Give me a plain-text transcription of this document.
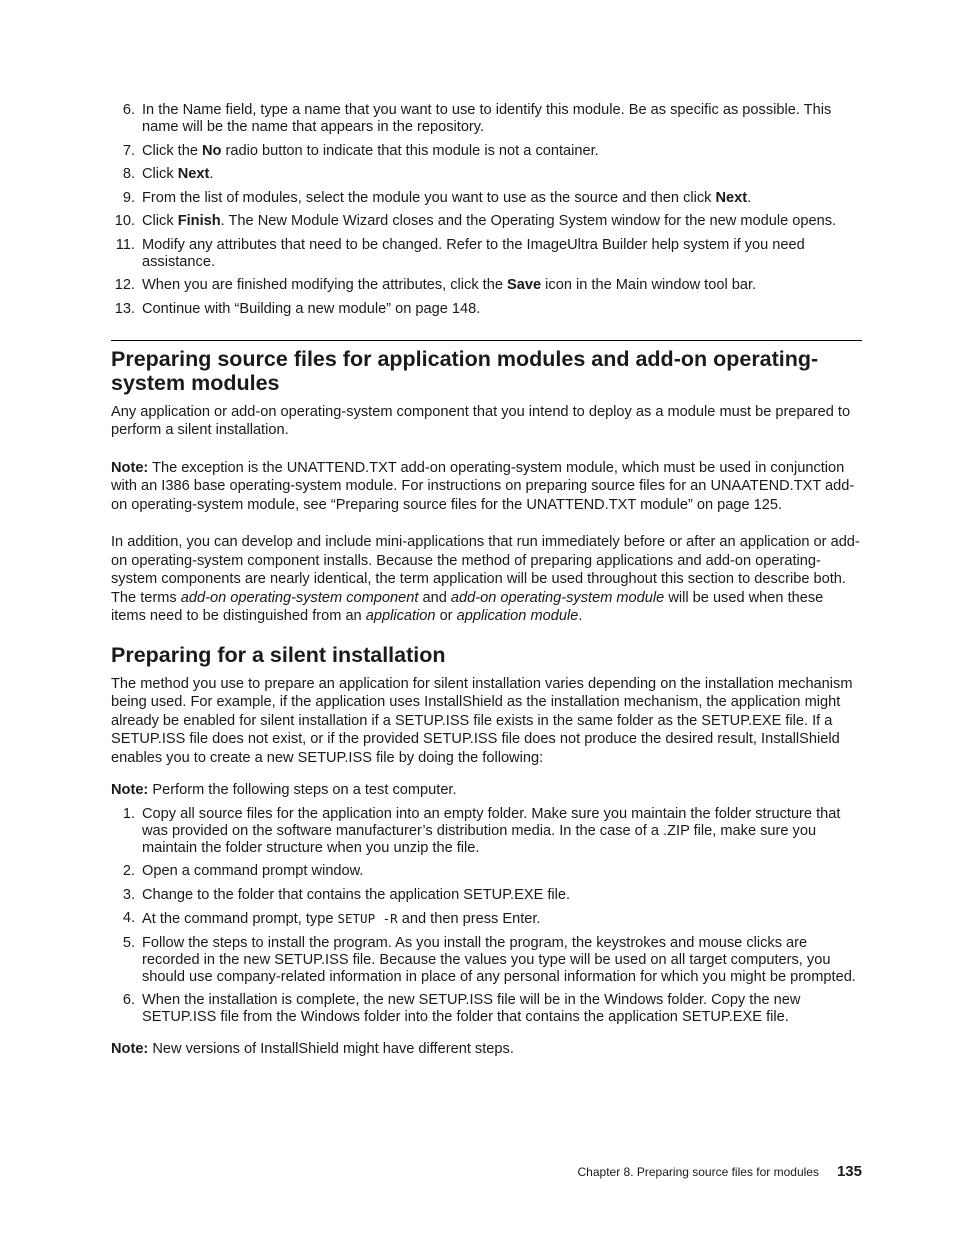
6. In the Name field, type a name that you want to use to identify this module. Be as specific as possible. This name will be the name that appears in the repository.
7. Click the No radio button to indicate that this module is not a container.
8. Click Next.
9. From the list of modules, select the module you want to use as the source and then click Next.
10. Click Finish. The New Module Wizard closes and the Operating System window for the new module opens.
11. Modify any attributes that need to be changed. Refer to the ImageUltra Builder help system if you need assistance.
12. When you are finished modifying the attributes, click the Save icon in the Main window tool bar.
13. Continue with “Building a new module” on page 148.
Preparing source files for application modules and add-on operating-system modules

Any application or add-on operating-system component that you intend to deploy as a module must be prepared to perform a silent installation.

Note: The exception is the UNATTEND.TXT add-on operating-system module, which must be used in conjunction with an I386 base operating-system module. For instructions on preparing source files for an UNAATEND.TXT add-on operating-system module, see “Preparing source files for the UNATTEND.TXT module” on page 125.

In addition, you can develop and include mini-applications that run immediately before or after an application or add-on operating-system component installs. Because the method of preparing applications and add-on operating-system components are nearly identical, the term application will be used throughout this section to describe both. The terms add-on operating-system component and add-on operating-system module will be used when these items need to be distinguished from an application or application module.

Preparing for a silent installation

The method you use to prepare an application for silent installation varies depending on the installation mechanism being used. For example, if the application uses InstallShield as the installation mechanism, the application might already be enabled for silent installation if a SETUP.ISS file exists in the same folder as the SETUP.EXE file. If a SETUP.ISS file does not exist, or if the provided SETUP.ISS file does not produce the desired result, InstallShield enables you to create a new SETUP.ISS file by doing the following:

Note: Perform the following steps on a test computer.

1. Copy all source files for the application into an empty folder. Make sure you maintain the folder structure that was provided on the software manufacturer’s distribution media. In the case of a .ZIP file, make sure you maintain the folder structure when you unzip the file.
2. Open a command prompt window.
3. Change to the folder that contains the application SETUP.EXE file.
4. At the command prompt, type SETUP -R and then press Enter.
5. Follow the steps to install the program. As you install the program, the keystrokes and mouse clicks are recorded in the new SETUP.ISS file. Because the values you type will be used on all target computers, you should use company-related information in place of any personal information for which you might be prompted.
6. When the installation is complete, the new SETUP.ISS file will be in the Windows folder. Copy the new SETUP.ISS file from the Windows folder into the folder that contains the application SETUP.EXE file.

Note: New versions of InstallShield might have different steps.

Chapter 8. Preparing source files for modules 135
